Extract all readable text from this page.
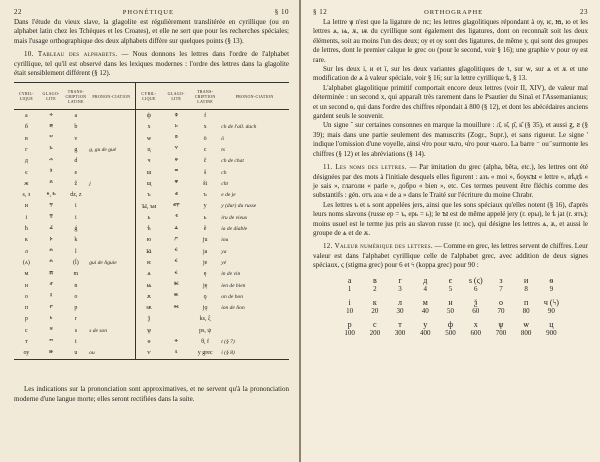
22	PHONÉTIQUE	§ 10

Dans l'étude du vieux slave, la glagolite est régulièrement translitérée en cyrillique (ou en alphabet latin chez les Tchèques et les Croates), et elle ne sert que pour les recherches spéciales; mais l'usage orthographique des deux alphabets diffère sur quelques points (§ 13).

10. Tableau des alphabets. — Nous donnons les lettres dans l'ordre de l'alphabet cyrillique, tel qu'il est observé dans les lexiques modernes : l'ordre des lettres dans la glagolite était sensiblement différent (§ 12).

CYRIL-LIQUE	GLAGO-LITE	TRANS-CRIPTION LATINE	PRONON-CIATION	CYRIL-LIQUE	GLAGO-LITE	TRANS-CRIPTION LATINE	PRONON-CIATION
а	ⰰ	a		ф	ⱇ	f	
б	ⰱ	b		х	ⱈ	x	ch de l'all. dach
в	ⰲ	v		ѡ	ⱉ	ō	ō
г	ⰳ	g	g, gu de gué	ц	ⱌ	c	ts
д	ⰴ	d		ч	ⱍ	č	ch de chat
є	ⰵ	e		ш	ⱎ	š	ch
ж	ⰶ	ž	j	щ	ⱋ	št	cht
ѕ, з	ⰷ, ⰸ	dz, z		ъ	ⱏ	ъ	e de je
и	ⰹ	i		ꙑ, ъи	ⱏⰹ	y	y (dur) du russe
і	ⰺ	i		ь	ⱐ	ь	iru de vieux
ћ	ⰼ	ǵ		ѣ	ⱑ	ě	ia de diable
к	ⰽ	k		ю	ⱓ	ju	iou
л	ⰾ	l		ꙗ	ⱔ	ja	ya
(ʌ)	ⰾ	(ĺ)	gui de liguie	ѥ	ⱔ	je	yé
м	ⰿ	m		ѧ	ⱔ	ę	in de vin
н	ⱀ	n		ѩ	ⱗ	ję	ien de bien
о	ⱁ	o		ѫ	ⱘ	ǫ	on de bon
п	ⱂ	p		ѭ	ⱙ	jǫ	ion de lion
р	ⱃ	r		ѯ		ks, ξ	
с	ⱄ	s	s de son	ѱ		ps, ψ	
т	ⱅ	t		ѳ	ⱚ	θ, f	t (§ 7)
оу	ⱆ	u	ou	ѵ	ⱛ	y grec	i (§ 8)

Les indications sur la prononciation sont approximatives, et ne servent qu'à la prononciation moderne d'une langue morte; elles seront rectifiées dans la suite.

§ 12	ORTHOGRAPHE	23

La lettre ѱ n'est que la ligature de пс; les lettres glagolitiques répondant à оу, ѥ, ꙗ, ю et les lettres ѧ, ѩ, ѫ, ѭ du cyrillique sont également des ligatures, dont on reconnaît soit les deux éléments, soit au moins l'un des deux; оу et оу sont des ligatures, de même у, qui sont des groupes de lettres, dont le premier calque le grec оυ (pour le second, voir § 16); une graphie ѵ pour оу est rare.

Sur les deux і, и et ї, sur les deux variantes glagolitiques de ꙇ, sur ѡ, sur ѧ et ѫ et une modification de ѧ à valeur spéciale, voir § 16; sur la lettre cyrillique ѣ, § 13.

L'alphabet glagolitique primitif comportait encore deux lettres (voir II, XIV), de valeur mal déterminée : un second х, qui apparaît très rarement dans le Psautier du Sinaï et l'Assemanianus; et un second ѳ, qui dans l'ordre des chiffres répondait à 800 (§ 12), et dont les abécédaires anciens gardent seuls le souvenir.

Un signe ˘ sur certaines consonnes en marque la mouillure : л̆, н̆, р̆, к̆ (§ 35), et aussi ꙃ, ꙅ (§ 39); mais dans une partie seulement des manuscrits (Zogr., Supr.), et sans rigueur. Le signe ' indique l'omission d'une voyelle, ainsi ч҆то pour чьто, ч҆го pour чього. La barre ⁻ ou ҃ surmonte les chiffres (§ 12) et les abréviations (§ 14).

11. Les noms des lettres. — Par imitation du grec (alpha, bêta, etc.), les lettres ont été désignées par des mots à l'initiale desquels elles figurent : азъ « moi », боукꙑ « lettre », вѣдѣ « je sais », глаголи « parle », добро « bien », etc. Ces termes peuvent être fléchis comme des substantifs : gén. отъ аза « de а » dans le Traité sur l'écriture du moine Chrabr.

Les lettres ъ et ь sont appelées jers, ainsi que les sons spéciaux qu'elles notent (§ 16), d'après leurs noms slavons (russe ер = ъ, ерь = ь); le ꙑ est de même appelé jery (r. еры), le ѣ jat (r. ять); moins usuel est le terme jus pris au slavon russe (г. юс), qui désigne les lettres ѧ, ѫ, et aussi le groupe de ѧ et de ѫ.

12. Valeur numérique des lettres. — Comme en grec, les lettres servent de chiffres. Leur valeur est dans l'alphabet cyrillique celle de l'alphabet grec, avec addition de deux signes spéciaux, ϛ (stigma grec) pour 6 et ϟ (koppa grec) pour 90 :

а	в	г	д	є	ѕ (ϛ)	з	и	ѳ
1	2	3	4	5	6	7	8	9
і	к	л	м	н	ѯ	о	п	ч (ϟ)
10	20	30	40	50	60	70	80	90
р	с	т	у	ф	х	ѱ	ѡ	ц
100	200	300	400	500	600	700	800	900
